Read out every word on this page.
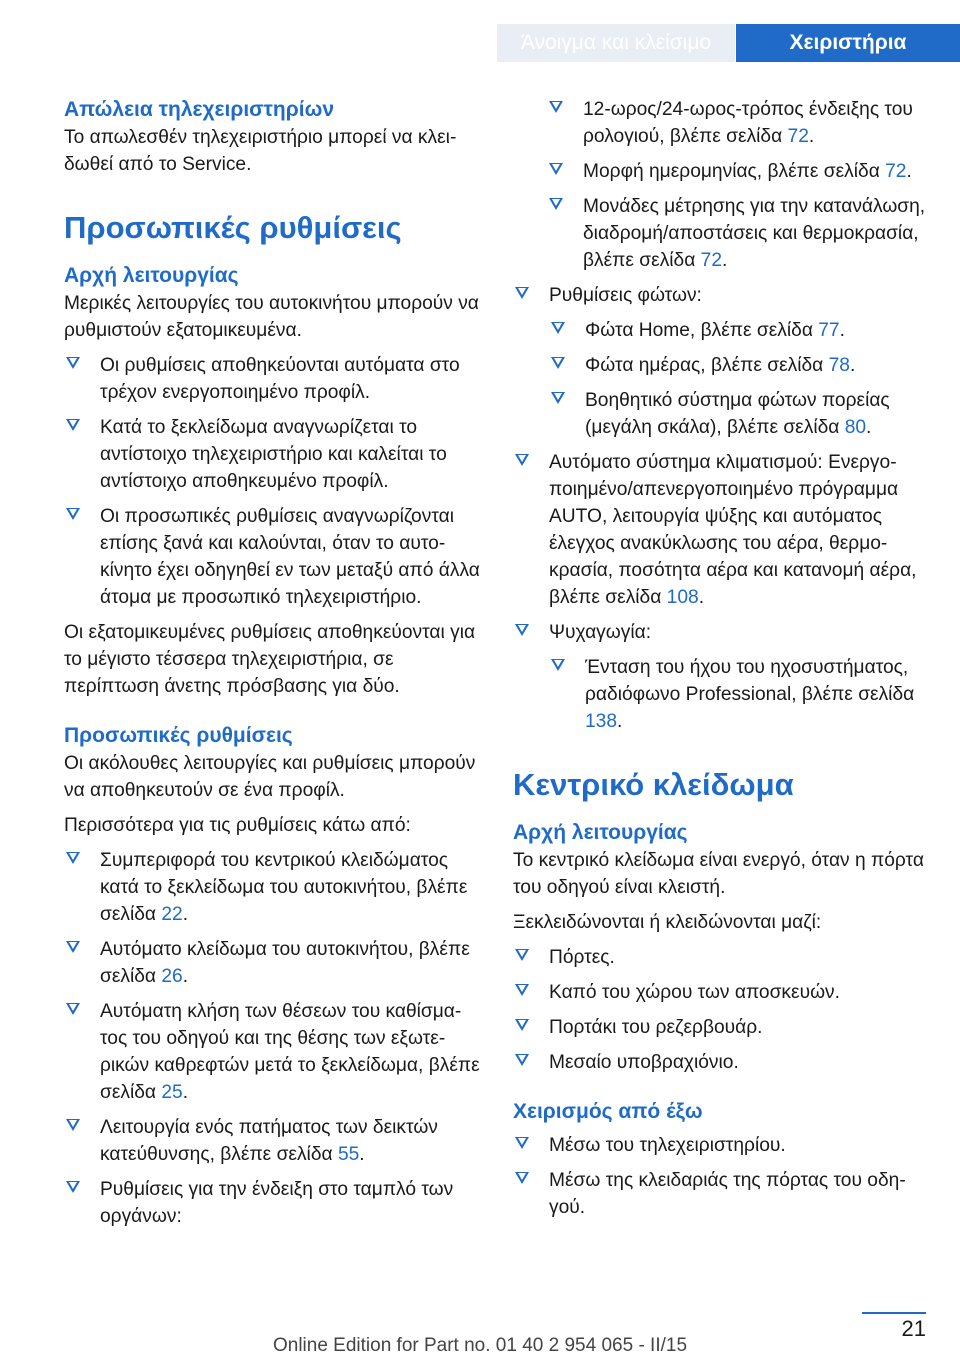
Άνοιγμα και κλείσιμο	Χειριστήρια
Απώλεια τηλεχειριστηρίων

Το απωλεσθέν τηλεχειριστήριο μπορεί να κλειδωθεί από το Service.

Προσωπικές ρυθμίσεις
Αρχή λειτουργίας

Μερικές λειτουργίες του αυτοκινήτου μπορούν να ρυθμιστούν εξατομικευμένα.

Οι ρυθμίσεις αποθηκεύονται αυτόματα στο τρέχον ενεργοποιημένο προφίλ.
Κατά το ξεκλείδωμα αναγνωρίζεται το αντίστοιχο τηλεχειριστήριο και καλείται το αντίστοιχο αποθηκευμένο προφίλ.
Οι προσωπικές ρυθμίσεις αναγνωρίζονται επίσης ξανά και καλούνται, όταν το αυτοκίνητο έχει οδηγηθεί εν των μεταξύ από άλλα άτομα με προσωπικό τηλεχειριστήριο.

Οι εξατομικευμένες ρυθμίσεις αποθηκεύονται για το μέγιστο τέσσερα τηλεχειριστήρια, σε περίπτωση άνετης πρόσβασης για δύο.

Προσωπικές ρυθμίσεις

Οι ακόλουθες λειτουργίες και ρυθμίσεις μπορούν να αποθηκευτούν σε ένα προφίλ.

Περισσότερα για τις ρυθμίσεις κάτω από:

Συμπεριφορά του κεντρικού κλειδώματος κατά το ξεκλείδωμα του αυτοκινήτου, βλέπε σελίδα 22.
Αυτόματο κλείδωμα του αυτοκινήτου, βλέπε σελίδα 26.
Αυτόματη κλήση των θέσεων του καθίσματος του οδηγού και της θέσης των εξωτερικών καθρεφτών μετά το ξεκλείδωμα, βλέπε σελίδα 25.
Λειτουργία ενός πατήματος των δεικτών κατεύθυνσης, βλέπε σελίδα 55.
Ρυθμίσεις για την ένδειξη στο ταμπλό των οργάνων:
12-ωρος/24-ωρος-τρόπος ένδειξης του ρολογιού, βλέπε σελίδα 72.
Μορφή ημερομηνίας, βλέπε σελίδα 72.
Μονάδες μέτρησης για την κατανάλωση, διαδρομή/αποστάσεις και θερμοκρασία, βλέπε σελίδα 72.
Ρυθμίσεις φώτων:
Φώτα Home, βλέπε σελίδα 77.
Φώτα ημέρας, βλέπε σελίδα 78.
Βοηθητικό σύστημα φώτων πορείας (μεγάλη σκάλα), βλέπε σελίδα 80.
Αυτόματο σύστημα κλιματισμού: Ενεργοποιημένο/απενεργοποιημένο πρόγραμμα AUTO, λειτουργία ψύξης και αυτόματος έλεγχος ανακύκλωσης του αέρα, θερμοκρασία, ποσότητα αέρα και κατανομή αέρα, βλέπε σελίδα 108.
Ψυχαγωγία:
Ένταση του ήχου του ηχοσυστήματος, ραδιόφωνο Professional, βλέπε σελίδα 138.
Κεντρικό κλείδωμα
Αρχή λειτουργίας

Το κεντρικό κλείδωμα είναι ενεργό, όταν η πόρτα του οδηγού είναι κλειστή.

Ξεκλειδώνονται ή κλειδώνονται μαζί:

Πόρτες.
Καπό του χώρου των αποσκευών.
Πορτάκι του ρεζερβουάρ.
Μεσαίο υποβραχιόνιο.
Χειρισμός από έξω
Μέσω του τηλεχειριστηρίου.
Μέσω της κλειδαριάς της πόρτας του οδηγού.
21
Online Edition for Part no. 01 40 2 954 065 - II/15
